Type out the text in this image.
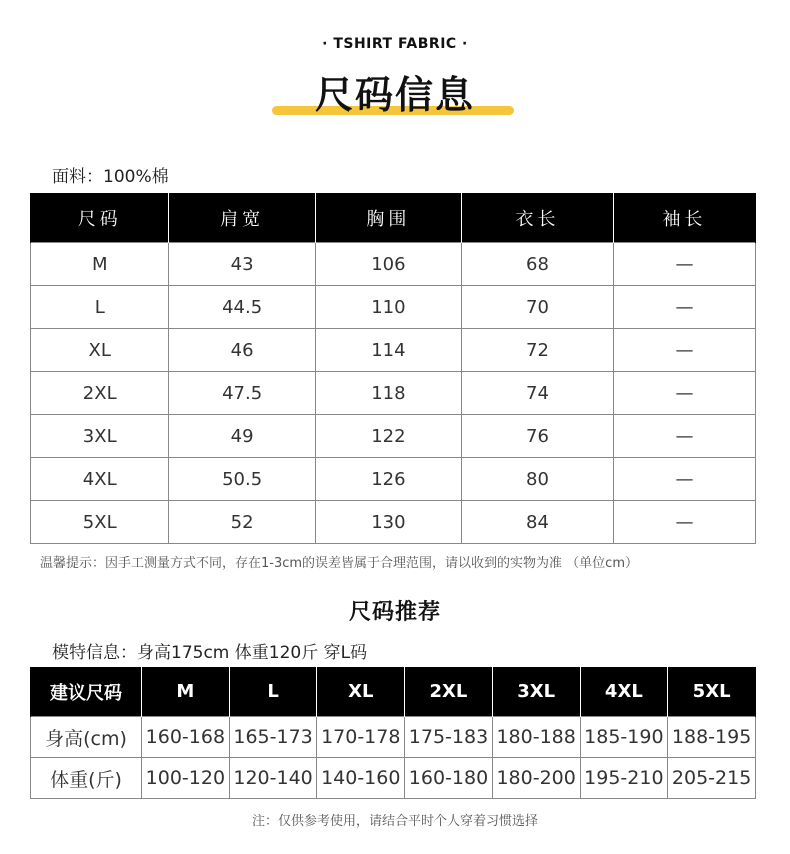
· TSHIRT FABRIC ·
尺码信息
面料：100%棉
尺码	肩宽	胸围	衣长	袖长
M	43	106	68	—
L	44.5	110	70	—
XL	46	114	72	—
2XL	47.5	118	74	—
3XL	49	122	76	—
4XL	50.5	126	80	—
5XL	52	130	84	—
温馨提示：因手工测量方式不同，存在1-3cm的误差皆属于合理范围，请以收到的实物为准 （单位cm）
尺码推荐
模特信息：身高175cm 体重120斤 穿L码
建议尺码	M	L	XL	2XL	3XL	4XL	5XL
身高(cm)	160-168	165-173	170-178	175-183	180-188	185-190	188-195
体重(斤)	100-120	120-140	140-160	160-180	180-200	195-210	205-215
注：仅供参考使用，请结合平时个人穿着习惯选择
